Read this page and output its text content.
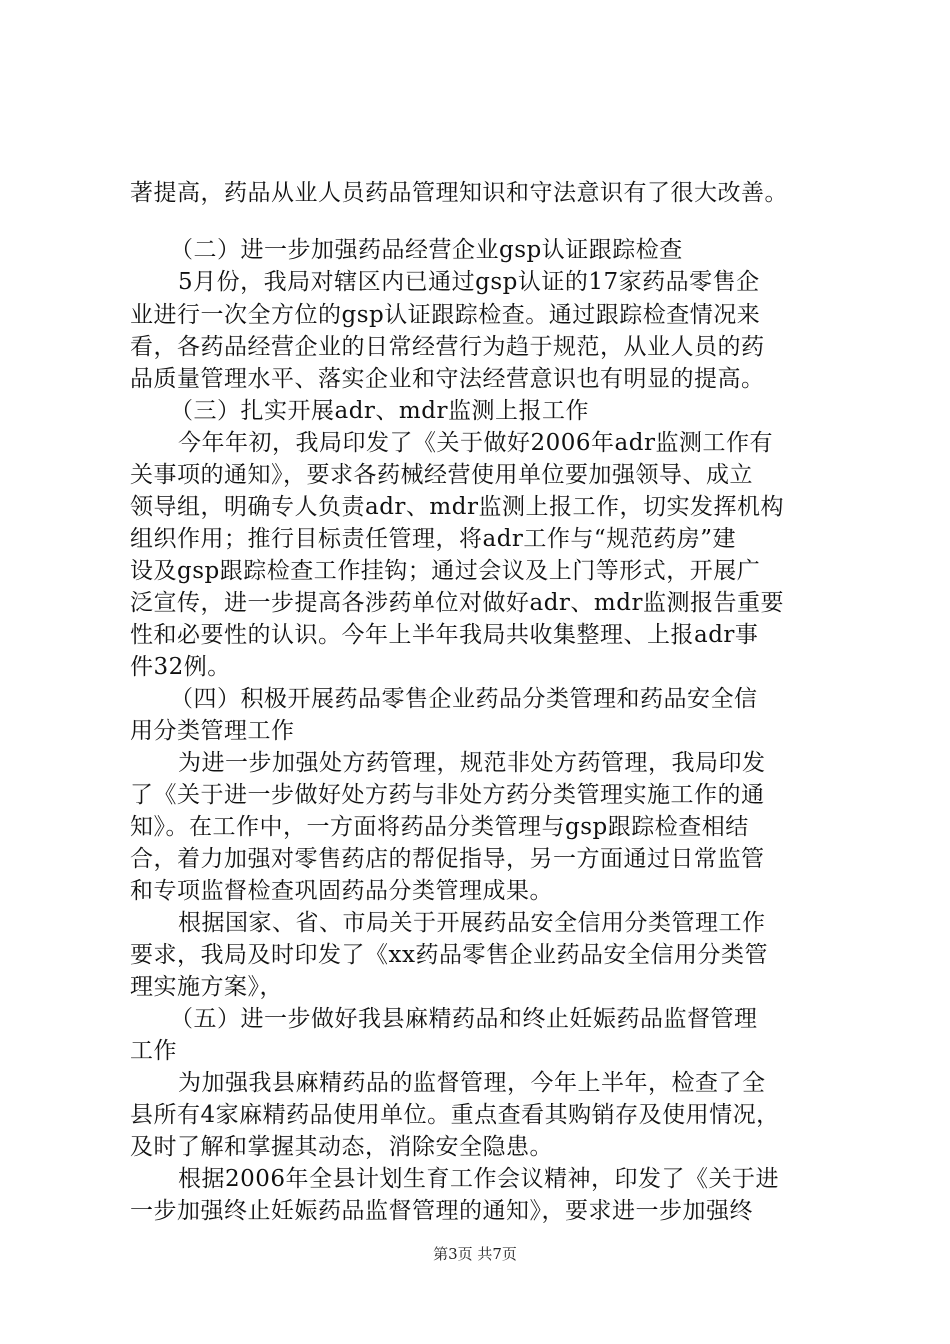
著提高，药品从业人员药品管理知识和守法意识有了很大改善。
（二）进一步加强药品经营企业gsp认证跟踪检查
5月份，我局对辖区内已通过gsp认证的17家药品零售企
业进行一次全方位的gsp认证跟踪检查。通过跟踪检查情况来
看，各药品经营企业的日常经营行为趋于规范，从业人员的药
品质量管理水平、落实企业和守法经营意识也有明显的提高。
（三）扎实开展adr、mdr监测上报工作
今年年初，我局印发了《关于做好2006年adr监测工作有
关事项的通知》，要求各药械经营使用单位要加强领导、成立
领导组，明确专人负责adr、mdr监测上报工作，切实发挥机构
组织作用；推行目标责任管理，将adr工作与“规范药房”建
设及gsp跟踪检查工作挂钩；通过会议及上门等形式，开展广
泛宣传，进一步提高各涉药单位对做好adr、mdr监测报告重要
性和必要性的认识。今年上半年我局共收集整理、上报adr事
件32例。
（四）积极开展药品零售企业药品分类管理和药品安全信
用分类管理工作
为进一步加强处方药管理，规范非处方药管理，我局印发
了《关于进一步做好处方药与非处方药分类管理实施工作的通
知》。在工作中，一方面将药品分类管理与gsp跟踪检查相结
合，着力加强对零售药店的帮促指导，另一方面通过日常监管
和专项监督检查巩固药品分类管理成果。
根据国家、省、市局关于开展药品安全信用分类管理工作
要求，我局及时印发了《xx药品零售企业药品安全信用分类管
理实施方案》，
（五）进一步做好我县麻精药品和终止妊娠药品监督管理
工作
为加强我县麻精药品的监督管理，今年上半年，检查了全
县所有4家麻精药品使用单位。重点查看其购销存及使用情况，
及时了解和掌握其动态，消除安全隐患。
根据2006年全县计划生育工作会议精神，印发了《关于进
一步加强终止妊娠药品监督管理的通知》，要求进一步加强终
第3页 共7页
